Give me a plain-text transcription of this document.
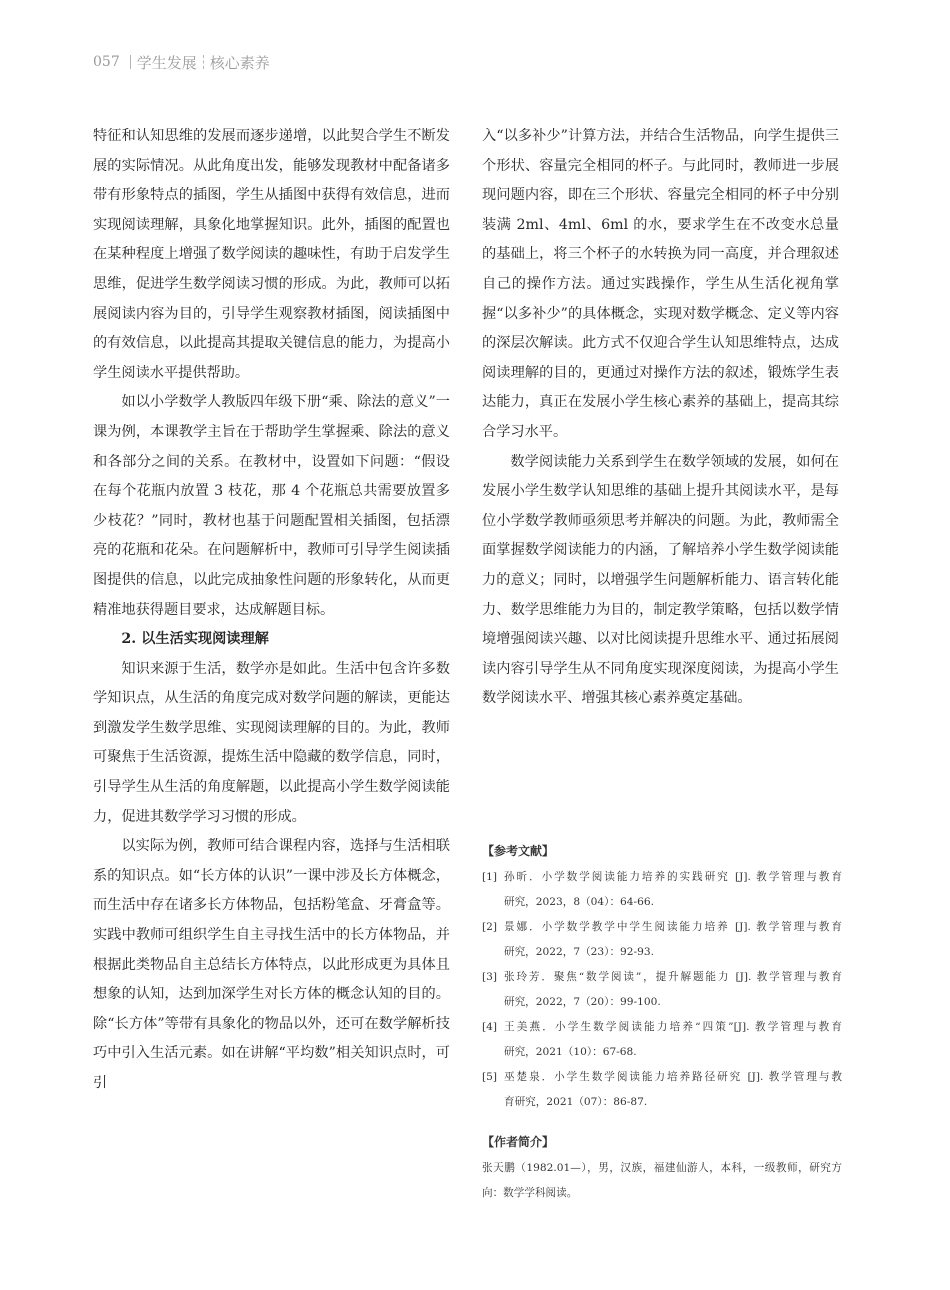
057 学生发展 核心素养

特征和认知思维的发展而逐步递增，以此契合学生不断发展的实际情况。从此角度出发，能够发现教材中配备诸多带有形象特点的插图，学生从插图中获得有效信息，进而实现阅读理解，具象化地掌握知识。此外，插图的配置也在某种程度上增强了数学阅读的趣味性，有助于启发学生思维，促进学生数学阅读习惯的形成。为此，教师可以拓展阅读内容为目的，引导学生观察教材插图，阅读插图中的有效信息，以此提高其提取关键信息的能力，为提高小学生阅读水平提供帮助。

如以小学数学人教版四年级下册“乘、除法的意义”一课为例，本课教学主旨在于帮助学生掌握乘、除法的意义和各部分之间的关系。在教材中，设置如下问题：“假设在每个花瓶内放置 3 枝花，那 4 个花瓶总共需要放置多少枝花？”同时，教材也基于问题配置相关插图，包括漂亮的花瓶和花朵。在问题解析中，教师可引导学生阅读插图提供的信息，以此完成抽象性问题的形象转化，从而更精准地获得题目要求，达成解题目标。

2. 以生活实现阅读理解

知识来源于生活，数学亦是如此。生活中包含许多数学知识点，从生活的角度完成对数学问题的解读，更能达到激发学生数学思维、实现阅读理解的目的。为此，教师可聚焦于生活资源，提炼生活中隐藏的数学信息，同时，引导学生从生活的角度解题，以此提高小学生数学阅读能力，促进其数学学习习惯的形成。

以实际为例，教师可结合课程内容，选择与生活相联系的知识点。如“长方体的认识”一课中涉及长方体概念，而生活中存在诸多长方体物品，包括粉笔盒、牙膏盒等。实践中教师可组织学生自主寻找生活中的长方体物品，并根据此类物品自主总结长方体特点，以此形成更为具体且想象的认知，达到加深学生对长方体的概念认知的目的。除“长方体”等带有具象化的物品以外，还可在数学解析技巧中引入生活元素。如在讲解“平均数”相关知识点时，可引

入“以多补少”计算方法，并结合生活物品，向学生提供三个形状、容量完全相同的杯子。与此同时，教师进一步展现问题内容，即在三个形状、容量完全相同的杯子中分别装满 2ml、4ml、6ml 的水，要求学生在不改变水总量的基础上，将三个杯子的水转换为同一高度，并合理叙述自己的操作方法。通过实践操作，学生从生活化视角掌握“以多补少”的具体概念，实现对数学概念、定义等内容的深层次解读。此方式不仅迎合学生认知思维特点，达成阅读理解的目的，更通过对操作方法的叙述，锻炼学生表达能力，真正在发展小学生核心素养的基础上，提高其综合学习水平。

数学阅读能力关系到学生在数学领域的发展，如何在发展小学生数学认知思维的基础上提升其阅读水平，是每位小学数学教师亟须思考并解决的问题。为此，教师需全面掌握数学阅读能力的内涵，了解培养小学生数学阅读能力的意义；同时，以增强学生问题解析能力、语言转化能力、数学思维能力为目的，制定教学策略，包括以数学情境增强阅读兴趣、以对比阅读提升思维水平、通过拓展阅读内容引导学生从不同角度实现深度阅读，为提高小学生数学阅读水平、增强其核心素养奠定基础。

【参考文献】

[1] 孙昕．小学数学阅读能力培养的实践研究 [J]. 教学管理与教育
研究，2023，8（04）：64-66.

[2] 景娜．小学数学教学中学生阅读能力培养 [J]. 教学管理与教育
研究，2022，7（23）：92-93.

[3] 张玲芳．聚焦“数学阅读”，提升解题能力 [J]. 教学管理与教育
研究，2022，7（20）：99-100.

[4] 王美燕．小学生数学阅读能力培养“四策”[J]. 教学管理与教育
研究，2021（10）：67-68.

[5] 巫楚泉．小学生数学阅读能力培养路径研究 [J]. 教学管理与教
育研究，2021（07）：86-87.

【作者简介】

张天鹏（1982.01—），男，汉族，福建仙游人，本科，一级教师，研究方向：数学学科阅读。
